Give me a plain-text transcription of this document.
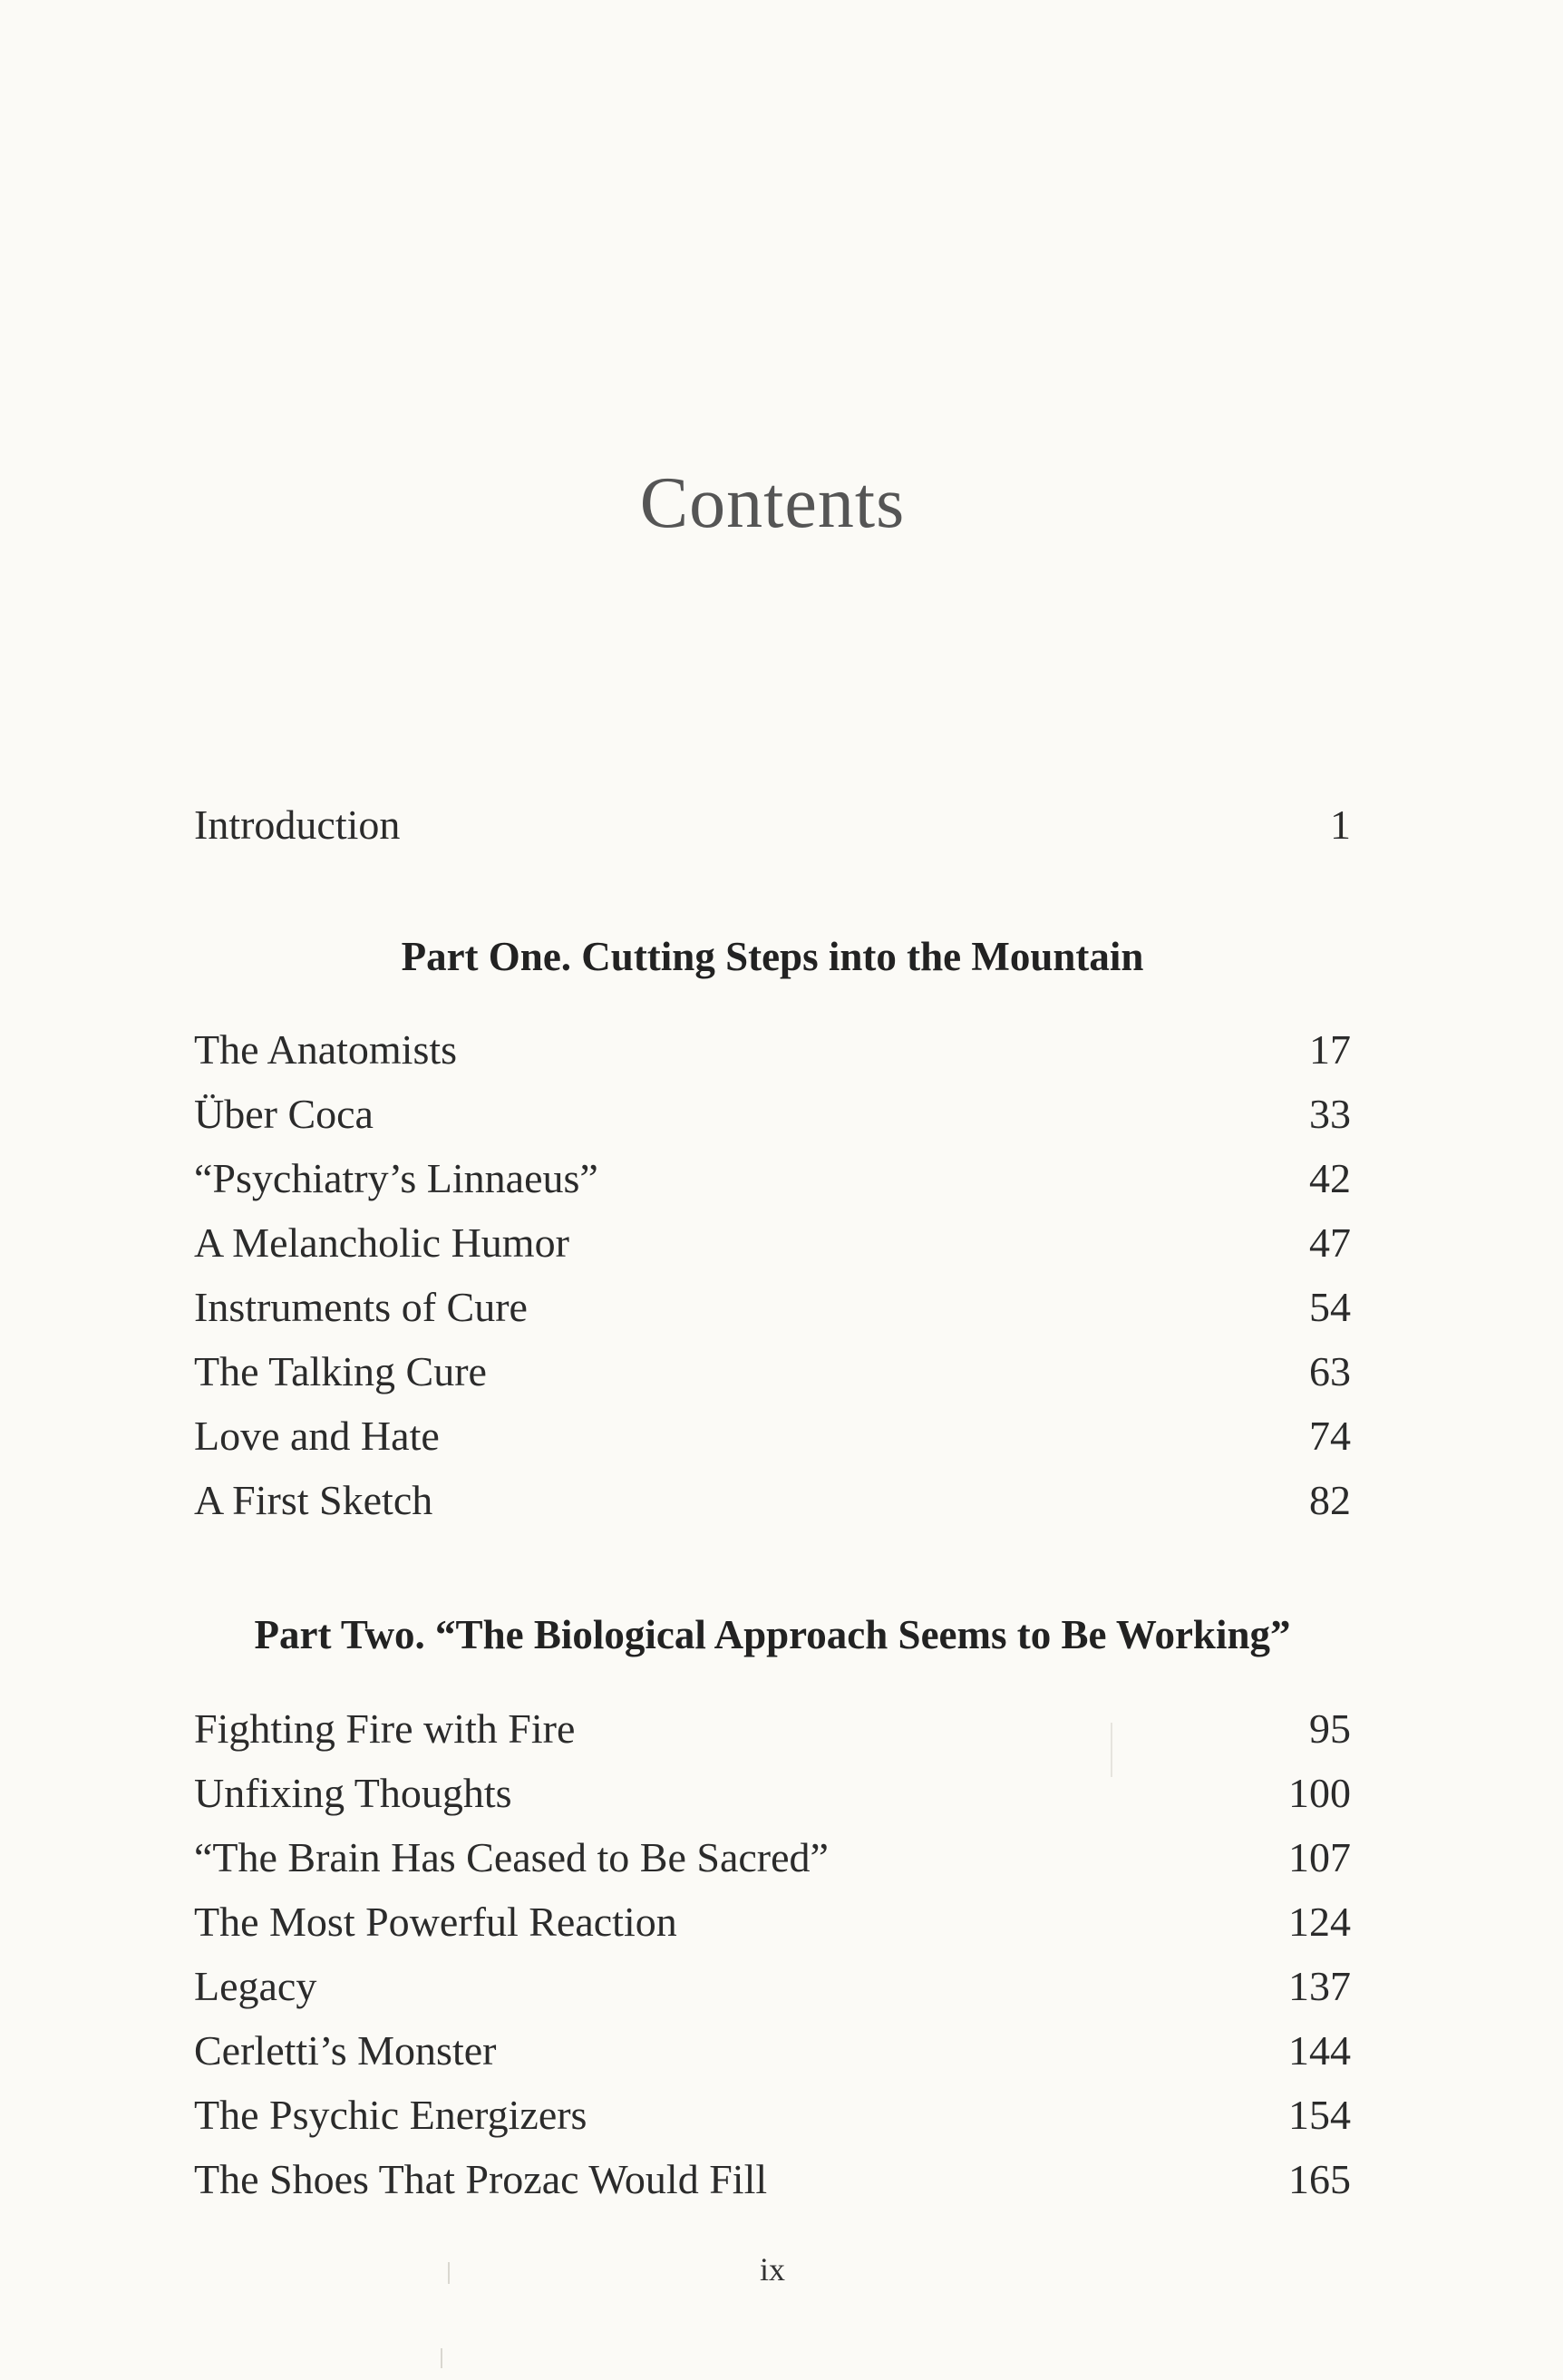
Contents
Introduction	1
Part One. Cutting Steps into the Mountain
The Anatomists	17
Über Coca	33
“Psychiatry’s Linnaeus”	42
A Melancholic Humor	47
Instruments of Cure	54
The Talking Cure	63
Love and Hate	74
A First Sketch	82
Part Two. “The Biological Approach Seems to Be Working”
Fighting Fire with Fire	95
Unfixing Thoughts	100
“The Brain Has Ceased to Be Sacred”	107
The Most Powerful Reaction	124
Legacy	137
Cerletti’s Monster	144
The Psychic Energizers	154
The Shoes That Prozac Would Fill	165
ix
